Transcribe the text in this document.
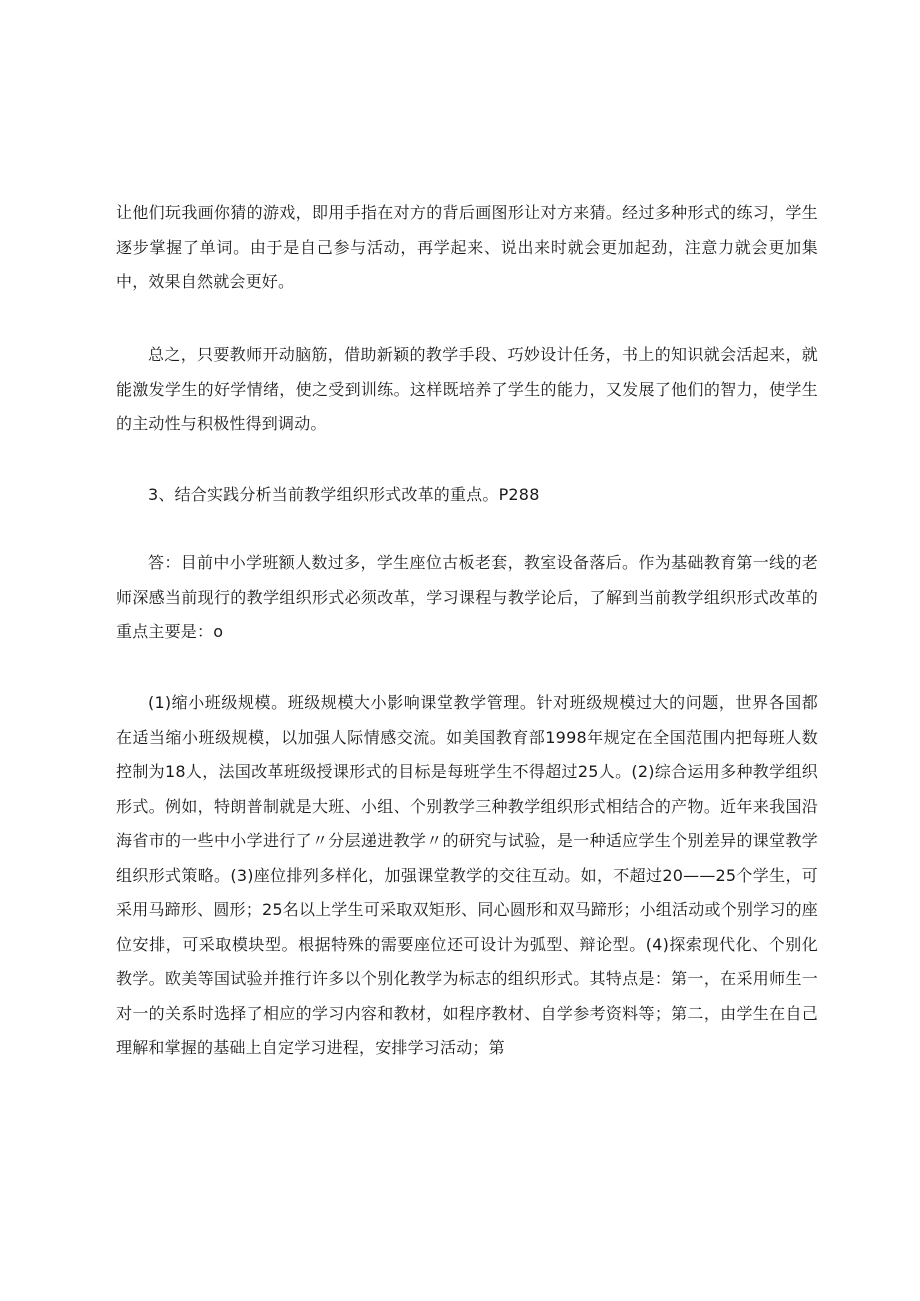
让他们玩我画你猜的游戏，即用手指在对方的背后画图形让对方来猜。经过多种形式的练习，学生逐步掌握了单词。由于是自己参与活动，再学起来、说出来时就会更加起劲，注意力就会更加集中，效果自然就会更好。

总之，只要教师开动脑筋，借助新颖的教学手段、巧妙设计任务，书上的知识就会活起来，就能激发学生的好学情绪，使之受到训练。这样既培养了学生的能力，又发展了他们的智力，使学生的主动性与积极性得到调动。

3、结合实践分析当前教学组织形式改革的重点。P288

答：目前中小学班额人数过多，学生座位古板老套，教室设备落后。作为基础教育第一线的老师深感当前现行的教学组织形式必须改革，学习课程与教学论后，了解到当前教学组织形式改革的重点主要是：o

(1)缩小班级规模。班级规模大小影响课堂教学管理。针对班级规模过大的问题，世界各国都在适当缩小班级规模，以加强人际情感交流。如美国教育部1998年规定在全国范围内把每班人数控制为18人，法国改革班级授课形式的目标是每班学生不得超过25人。(2)综合运用多种教学组织形式。例如，特朗普制就是大班、小组、个别教学三种教学组织形式相结合的产物。近年来我国沿海省市的一些中小学进行了〃分层递进教学〃的研究与试验，是一种适应学生个别差异的课堂教学组织形式策略。(3)座位排列多样化，加强课堂教学的交往互动。如，不超过20——25个学生，可采用马蹄形、圆形；25名以上学生可采取双矩形、同心圆形和双马蹄形；小组活动或个别学习的座位安排，可采取模块型。根据特殊的需要座位还可设计为弧型、辩论型。(4)探索现代化、个别化教学。欧美等国试验并推行许多以个别化教学为标志的组织形式。其特点是：第一，在采用师生一对一的关系时选择了相应的学习内容和教材，如程序教材、自学参考资料等；第二，由学生在自己理解和掌握的基础上自定学习进程，安排学习活动；第
